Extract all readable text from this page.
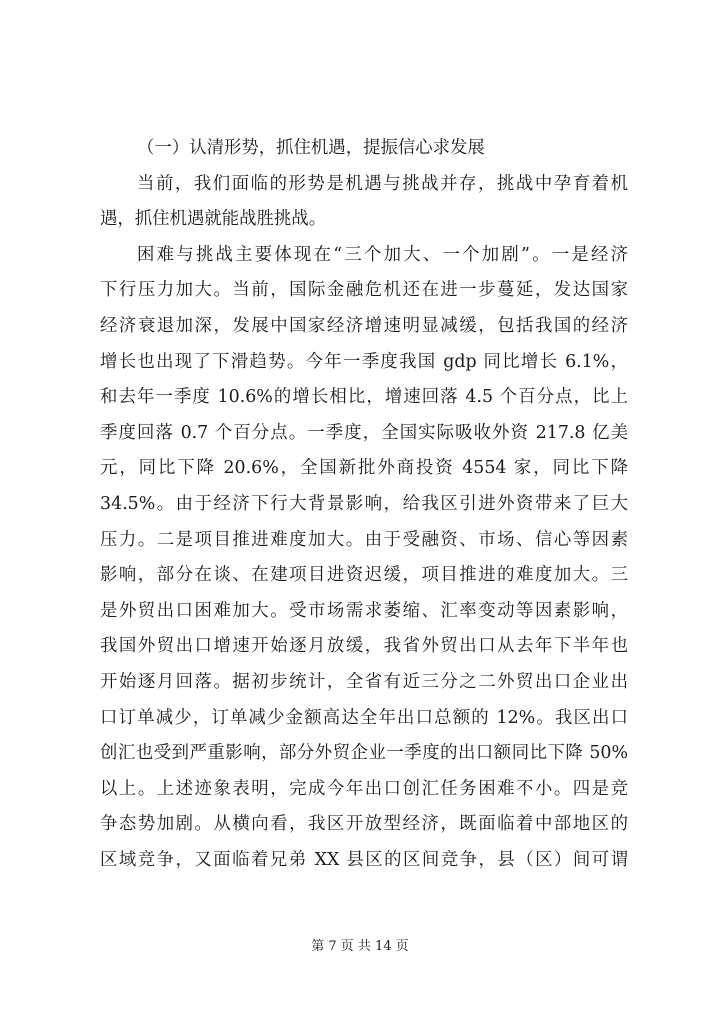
（一）认清形势，抓住机遇，提振信心求发展
当前，我们面临的形势是机遇与挑战并存，挑战中孕育着机
遇，抓住机遇就能战胜挑战。
困难与挑战主要体现在“三个加大、一个加剧”。一是经济
下行压力加大。当前，国际金融危机还在进一步蔓延，发达国家
经济衰退加深，发展中国家经济增速明显减缓，包括我国的经济
增长也出现了下滑趋势。今年一季度我国 gdp 同比增长 6.1%，
和去年一季度 10.6%的增长相比，增速回落 4.5 个百分点，比上
季度回落 0.7 个百分点。一季度，全国实际吸收外资 217.8 亿美
元，同比下降 20.6%，全国新批外商投资 4554 家，同比下降
34.5%。由于经济下行大背景影响，给我区引进外资带来了巨大
压力。二是项目推进难度加大。由于受融资、市场、信心等因素
影响，部分在谈、在建项目进资迟缓，项目推进的难度加大。三
是外贸出口困难加大。受市场需求萎缩、汇率变动等因素影响，
我国外贸出口增速开始逐月放缓，我省外贸出口从去年下半年也
开始逐月回落。据初步统计，全省有近三分之二外贸出口企业出
口订单减少，订单减少金额高达全年出口总额的 12%。我区出口
创汇也受到严重影响，部分外贸企业一季度的出口额同比下降 50%
以上。上述迹象表明，完成今年出口创汇任务困难不小。四是竞
争态势加剧。从横向看，我区开放型经济，既面临着中部地区的
区域竞争，又面临着兄弟 XX 县区的区间竞争，县（区）间可谓
第 7 页 共 14 页
